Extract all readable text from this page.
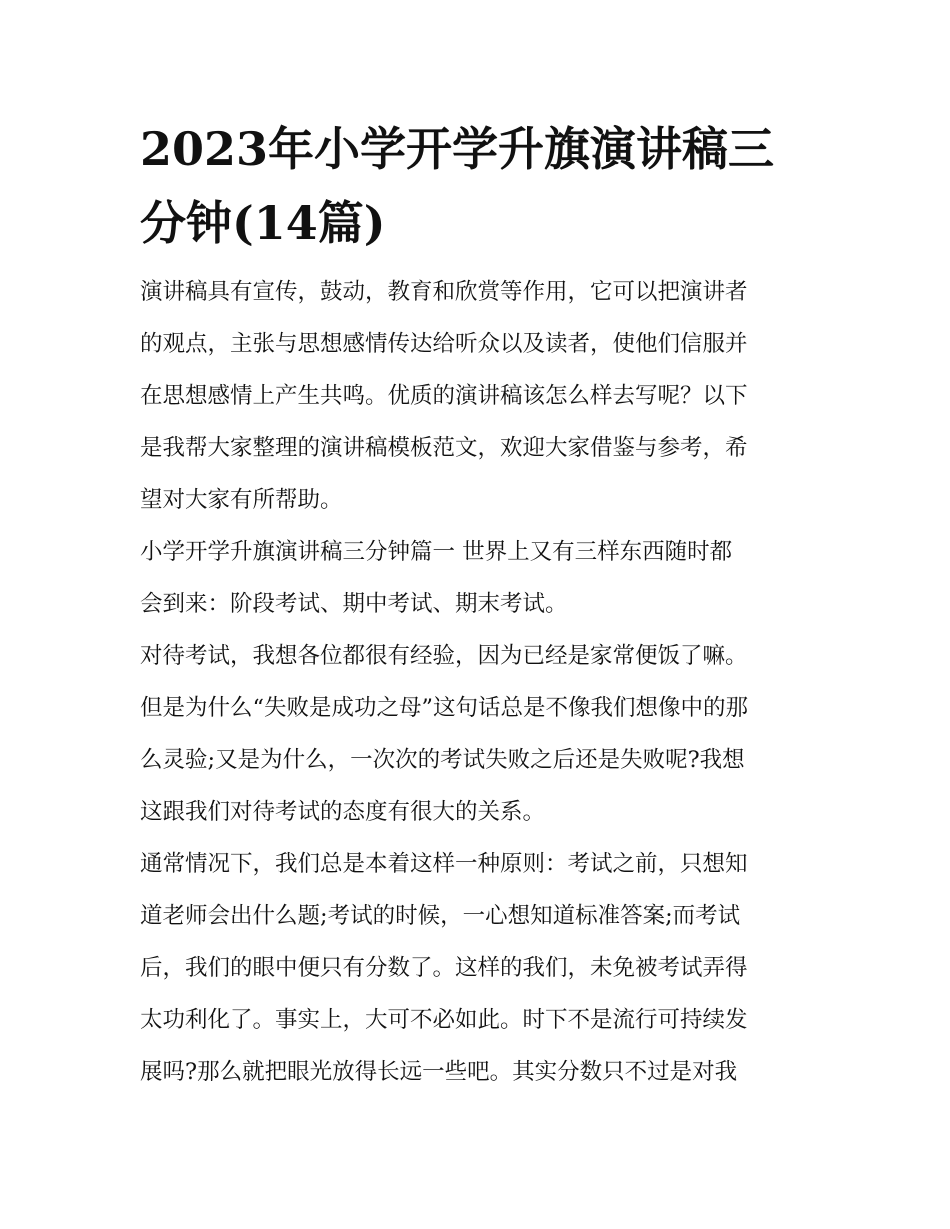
2023年小学开学升旗演讲稿三
分钟(14篇)
演讲稿具有宣传，鼓动，教育和欣赏等作用，它可以把演讲者
的观点，主张与思想感情传达给听众以及读者，使他们信服并
在思想感情上产生共鸣。优质的演讲稿该怎么样去写呢？以下
是我帮大家整理的演讲稿模板范文，欢迎大家借鉴与参考，希
望对大家有所帮助。
小学开学升旗演讲稿三分钟篇一 世界上又有三样东西随时都
会到来：阶段考试、期中考试、期末考试。
对待考试，我想各位都很有经验，因为已经是家常便饭了嘛。
但是为什么“失败是成功之母”这句话总是不像我们想像中的那
么灵验;又是为什么，一次次的考试失败之后还是失败呢?我想
这跟我们对待考试的态度有很大的关系。
通常情况下，我们总是本着这样一种原则：考试之前，只想知
道老师会出什么题;考试的时候，一心想知道标准答案;而考试
后，我们的眼中便只有分数了。这样的我们，未免被考试弄得
太功利化了。事实上，大可不必如此。时下不是流行可持续发
展吗?那么就把眼光放得长远一些吧。其实分数只不过是对我
